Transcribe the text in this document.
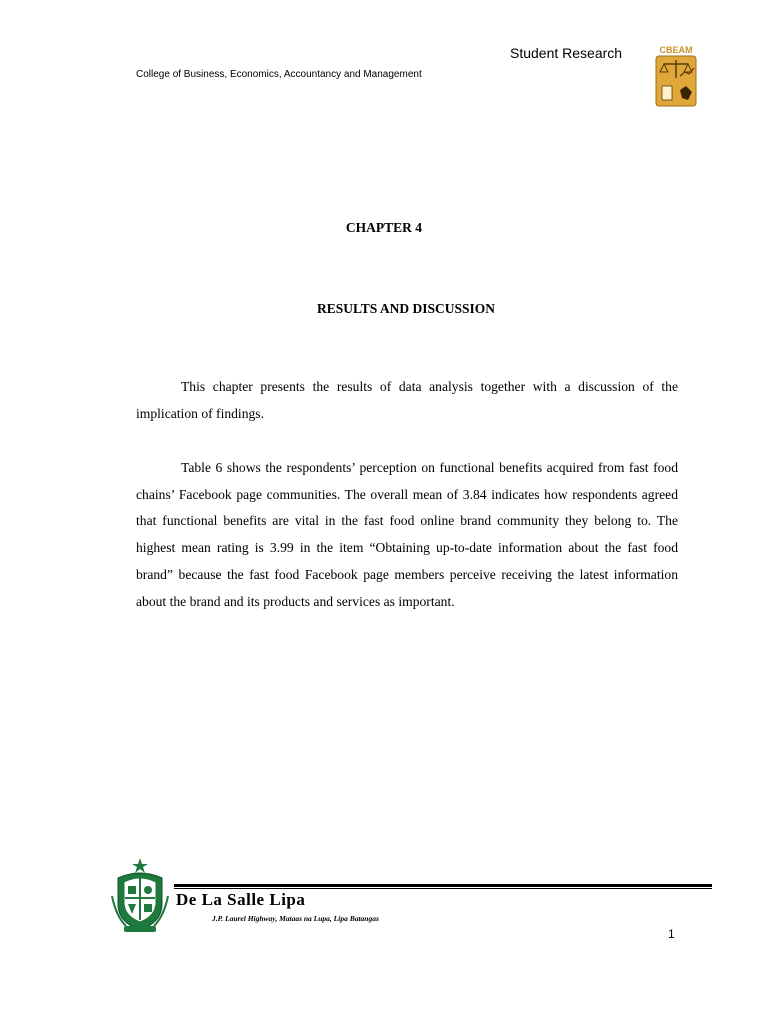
Student Research
College of Business, Economics, Accountancy and Management
CBEAM
CHAPTER 4
RESULTS AND DISCUSSION

This chapter presents the results of data analysis together with a discussion of the implication of findings.

Table 6 shows the respondents’ perception on functional benefits acquired from fast food chains’ Facebook page communities. The overall mean of 3.84 indicates how respondents agreed that functional benefits are vital in the fast food online brand community they belong to. The highest mean rating is 3.99 in the item “Obtaining up-to-date information about the fast food brand” because the fast food Facebook page members perceive receiving the latest information about the brand and its products and services as important.

De La Salle Lipa
J.P. Laurel Highway, Mataas na Lupa, Lipa Batangas
1
